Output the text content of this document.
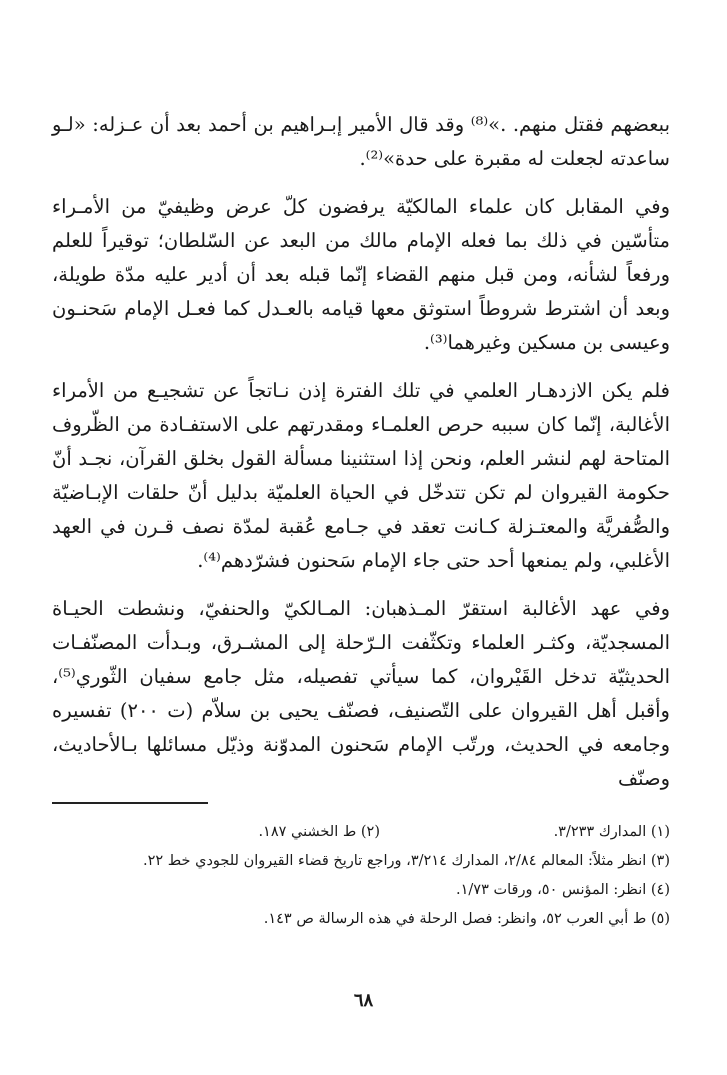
ببعضهم فقتل منهم. .»⁽⁸⁾ وقد قال الأمير إبـراهيم بن أحمد بعد أن عـزله: «لـو ساعدته لجعلت له مقبرة على حدة»⁽²⁾.

وفي المقابل كان علماء المالكيّة يرفضون كلّ عرض وظيفيّ من الأمـراء متأسّين في ذلك بما فعله الإمام مالك من البعد عن السّلطان؛ توقيراً للعلم ورفعاً لشأنه، ومن قبل منهم القضاء إنّما قبله بعد أن أدير عليه مدّة طويلة، وبعد أن اشترط شروطاً استوثق معها قيامه بالعـدل كما فعـل الإمام سَحنـون وعيسى بن مسكين وغيرهما⁽³⁾.

فلم يكن الازدهـار العلمي في تلك الفترة إذن نـاتجاً عن تشجيـع من الأمراء الأغالبة، إنّما كان سببه حرص العلمـاء ومقدرتهم على الاستفـادة من الظّروف المتاحة لهم لنشر العلم، ونحن إذا استثنينا مسألة القول بخلق القرآن، نجـد أنّ حكومة القيروان لم تكن تتدخّل في الحياة العلميّة بدليل أنّ حلقات الإبـاضيّة والصُّفريَّة والمعتـزلة كـانت تعقد في جـامع عُقبة لمدّة نصف قـرن في العهد الأغلبي، ولم يمنعها أحد حتى جاء الإمام سَحنون فشرّدهم⁽⁴⁾.

وفي عهد الأغالبة استقرّ المـذهبان: المـالكيّ والحنفيّ، ونشطت الحيـاة المسجديّة، وكثـر العلماء وتكثّفت الـرّحلة إلى المشـرق، وبـدأت المصنّفـات الحديثيّة تدخل القَيْروان، كما سيأتي تفصيله، مثل جامع سفيان الثّوري⁽⁵⁾، وأقبل أهل القيروان على التّصنيف، فصنّف يحيى بن سلاّم (ت ٢٠٠) تفسيره وجامعه في الحديث، ورتّب الإمام سَحنون المدوّنة وذيّل مسائلها بـالأحاديث، وصنّف

(١) المدارك ٣/٢٣٣.
(٢) ط الخشني ١٨٧.

(٣) انظر مثلاً: المعالم ٢/٨٤، المدارك ٣/٢١٤، وراجع تاريخ قضاء القيروان للجودي خط ٢٢.

(٤) انظر: المؤنس ٥٠، ورقات ١/٧٣.

(٥) ط أبي العرب ٥٢، وانظر: فصل الرحلة في هذه الرسالة ص ١٤٣.

٦٨
